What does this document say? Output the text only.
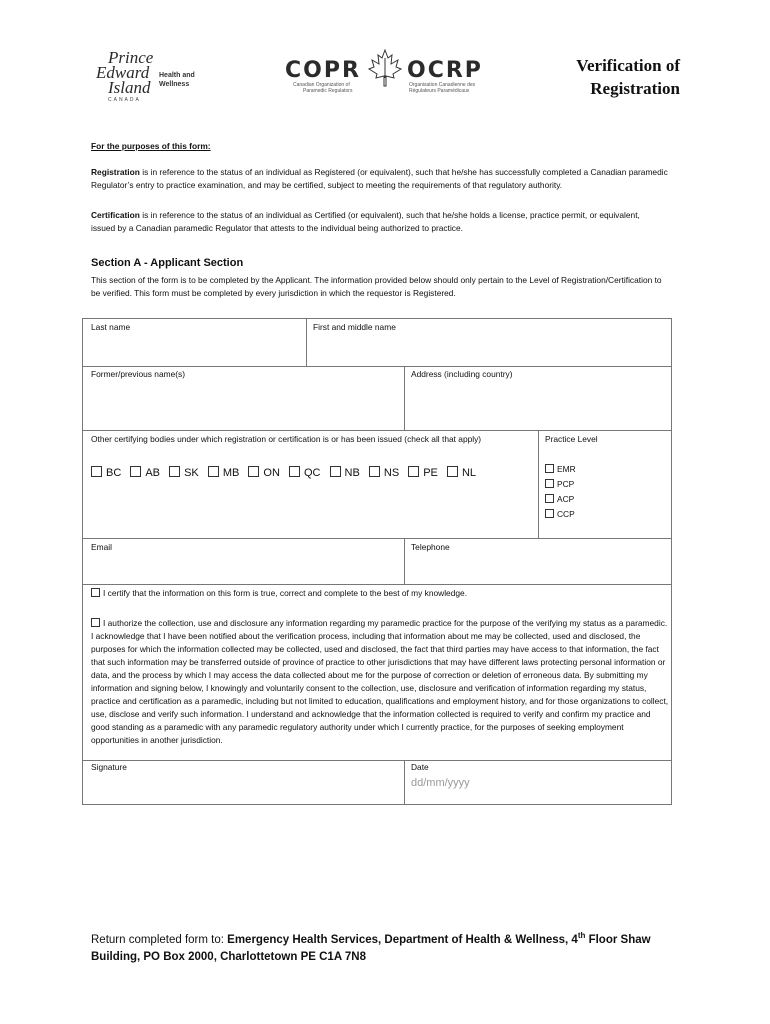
Prince
Edward
Island
CANADA
Health and
Wellness
COPR OCRP
Canadian Organization of
Paramedic Regulators
Organisation Canadienne des
Régulateurs Paramédicaux
Verification of
Registration
For the purposes of this form:
Registration is in reference to the status of an individual as Registered (or equivalent), such that he/she has successfully completed a Canadian paramedic Regulator’s entry to practice examination, and may be certified, subject to meeting the requirements of that regulatory authority.
Certification is in reference to the status of an individual as Certified (or equivalent), such that he/she holds a license, practice permit, or equivalent, issued by a Canadian paramedic Regulator that attests to the individual being authorized to practice.
Section A - Applicant Section
This section of the form is to be completed by the Applicant. The information provided below should only pertain to the Level of Registration/Certification to be verified. This form must be completed by every jurisdiction in which the requestor is Registered.
Last name	First and middle name
Former/previous name(s)	Address (including country)
Other certifying bodies under which registration or certification is or has been issued (check all that apply)	Practice Level
BC AB SK MB ON QC NB NS PE NL	EMR
PCP
ACP
CCP
Email	Telephone
I certify that the information on this form is true, correct and complete to the best of my knowledge.
I authorize the collection, use and disclosure any information regarding my paramedic practice for the purpose of the verifying my status as a paramedic. I acknowledge that I have been notified about the verification process, including that information about me may be collected, used and disclosed, the purposes for which the information collected may be collected, used and disclosed, the fact that third parties may have access to that information, the fact that such information may be transferred outside of province of practice to other jurisdictions that may have different laws protecting personal information or data, and the process by which I may access the data collected about me for the purpose of correction or deletion of erroneous data. By submitting my information and signing below, I knowingly and voluntarily consent to the collection, use, disclosure and verification of information regarding my status, practice and certification as a paramedic, including but not limited to education, qualifications and employment history, and for those organizations to collect, use, disclose and verify such information. I understand and acknowledge that the information collected is required to verify and confirm my practice and good standing as a paramedic with any paramedic regulatory authority under which I currently practice, for the purposes of seeking employment opportunities in another jurisdiction.
Signature	Date
dd/mm/yyyy
Return completed form to: Emergency Health Services, Department of Health & Wellness, 4th Floor Shaw
Building, PO Box 2000, Charlottetown PE C1A 7N8
